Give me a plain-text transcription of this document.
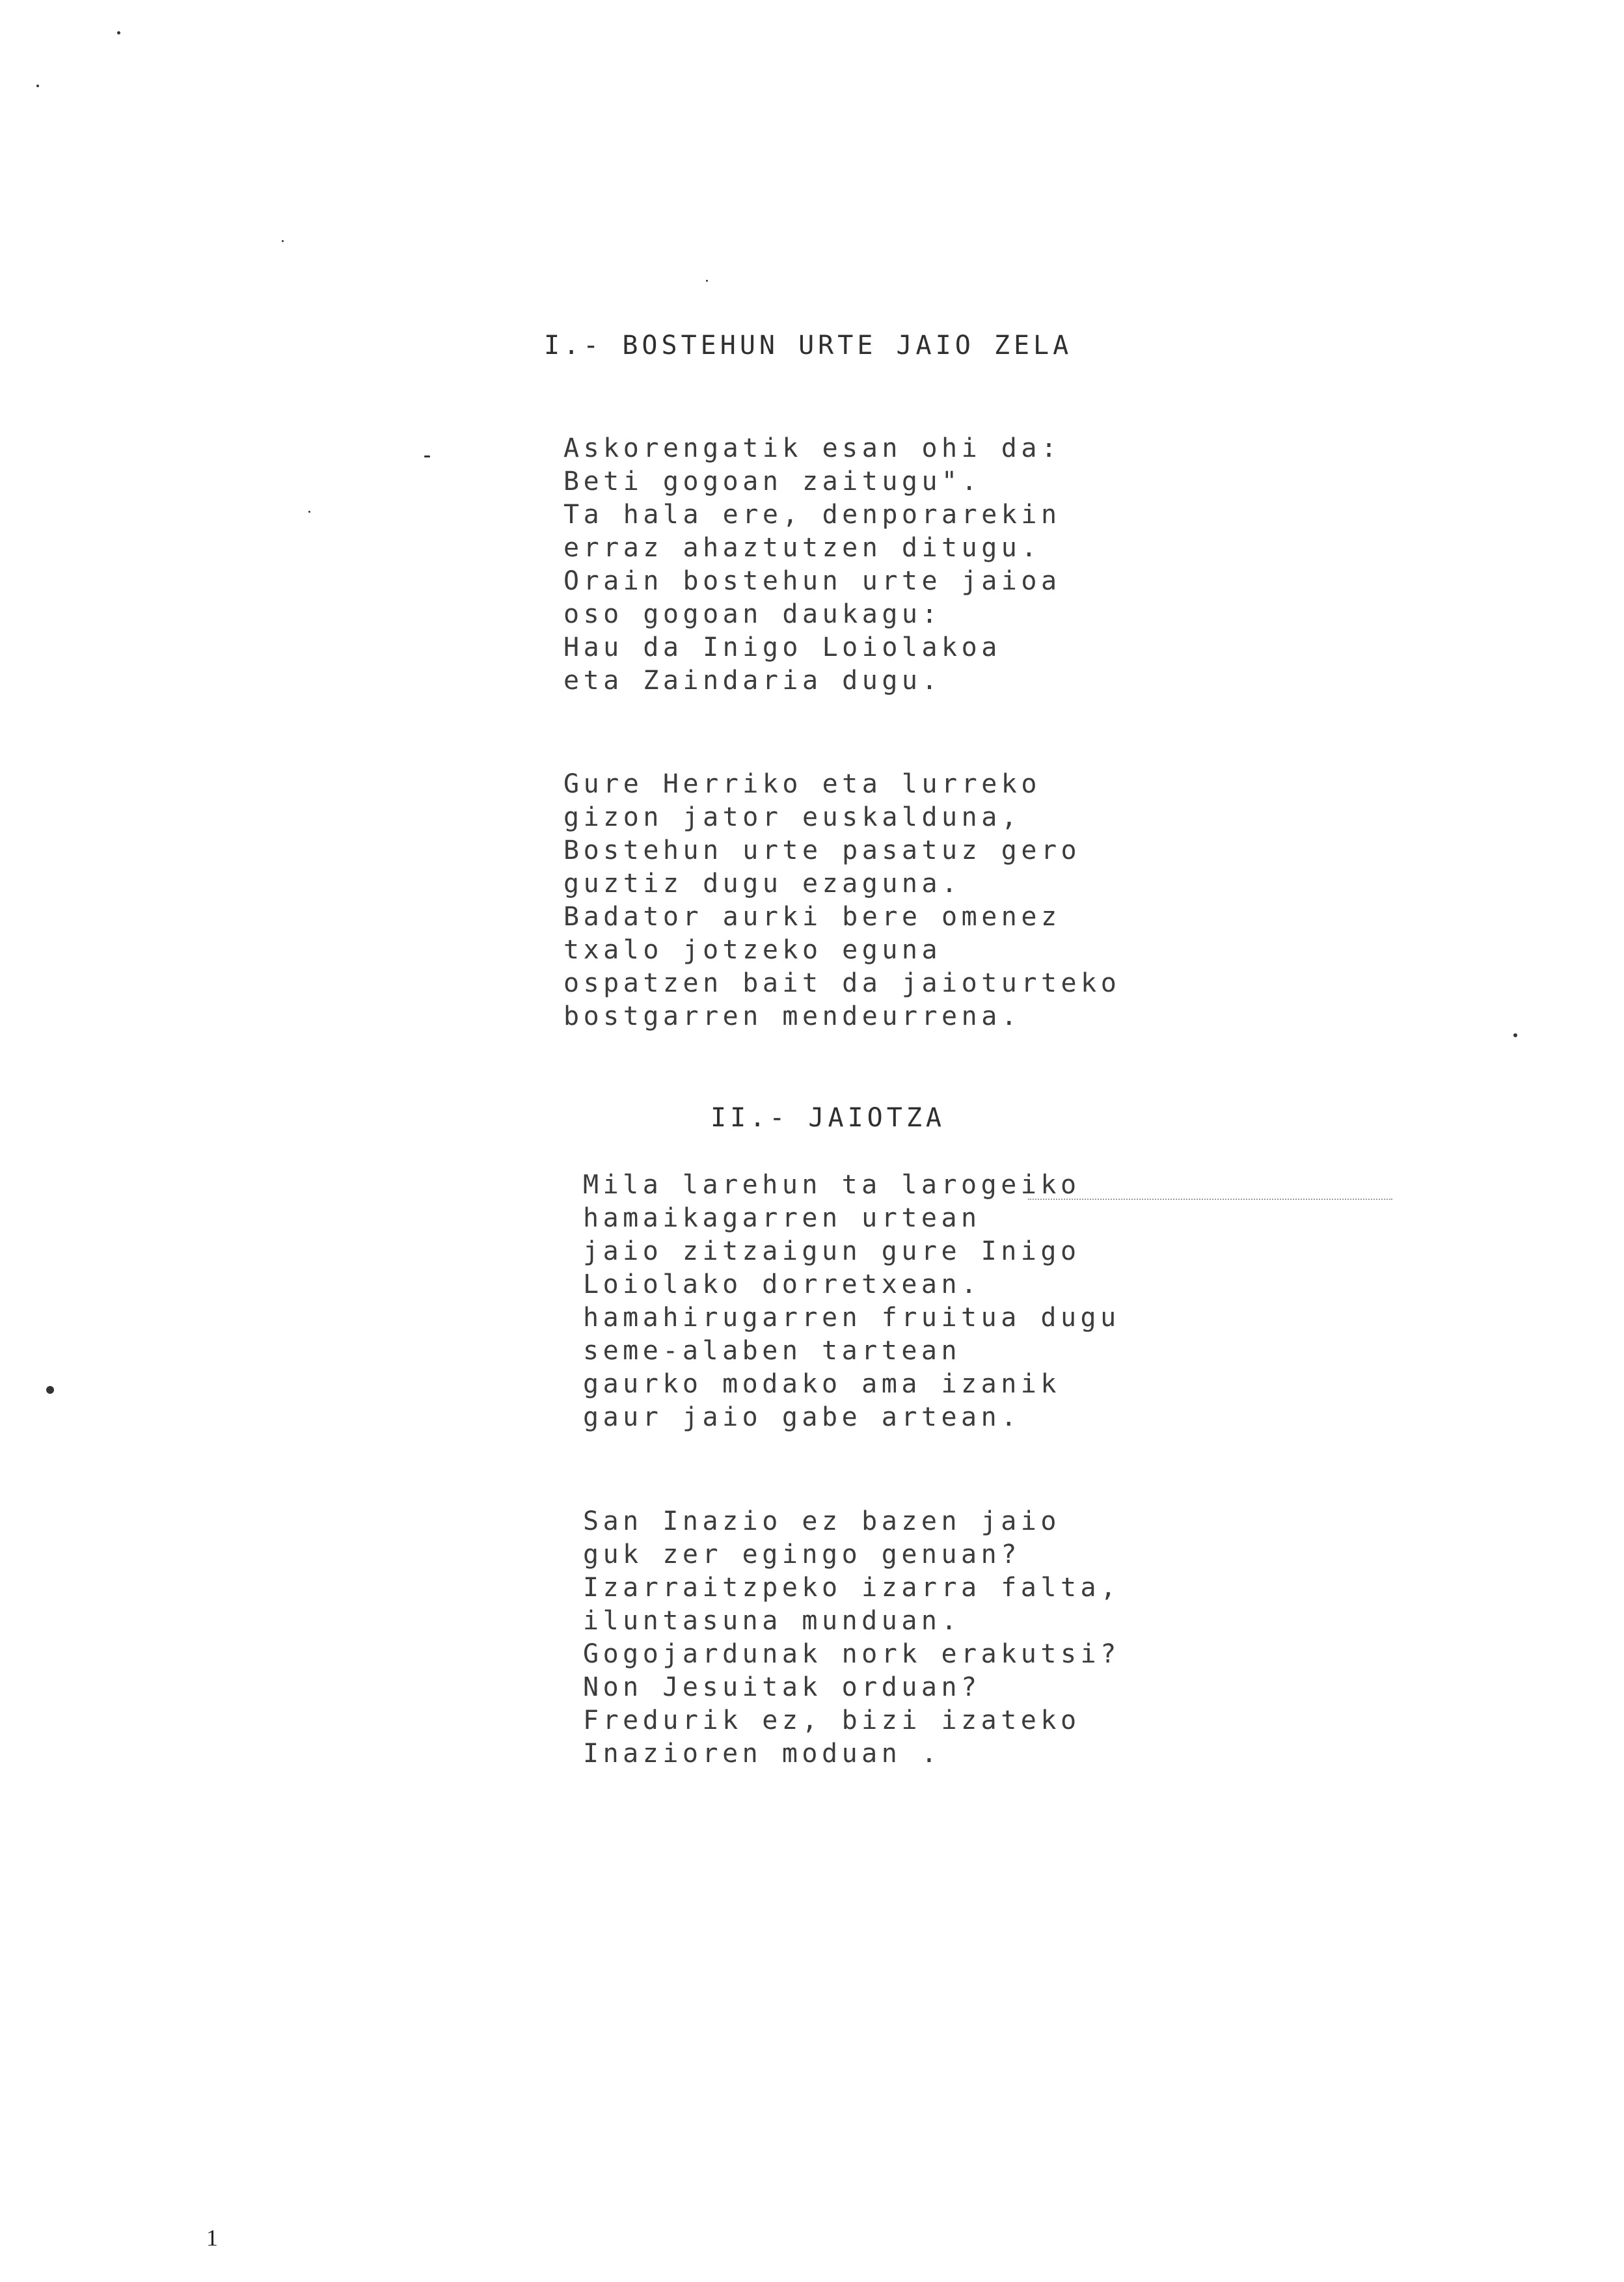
I.- BOSTEHUN URTE JAIO ZELA
Askorengatik esan ohi da:
Beti gogoan zaitugu".
Ta hala ere, denporarekin
erraz ahaztutzen ditugu.
Orain bostehun urte jaioa
oso gogoan daukagu:
Hau da Inigo Loiolakoa
eta Zaindaria dugu.
Gure Herriko eta lurreko
gizon jator euskalduna,
Bostehun urte pasatuz gero
guztiz dugu ezaguna.
Badator aurki bere omenez
txalo jotzeko eguna
ospatzen bait da jaioturteko
bostgarren mendeurrena.
II.- JAIOTZA
Mila larehun ta larogeiko
hamaikagarren urtean
jaio zitzaigun gure Inigo
Loiolako dorretxean.
hamahirugarren fruitua dugu
seme-alaben tartean
gaurko modako ama izanik
gaur jaio gabe artean.
San Inazio ez bazen jaio
guk zer egingo genuan?
Izarraitzpeko izarra falta,
iluntasuna munduan.
Gogojardunak nork erakutsi?
Non Jesuitak orduan?
Fredurik ez, bizi izateko
Inazioren moduan .
1
